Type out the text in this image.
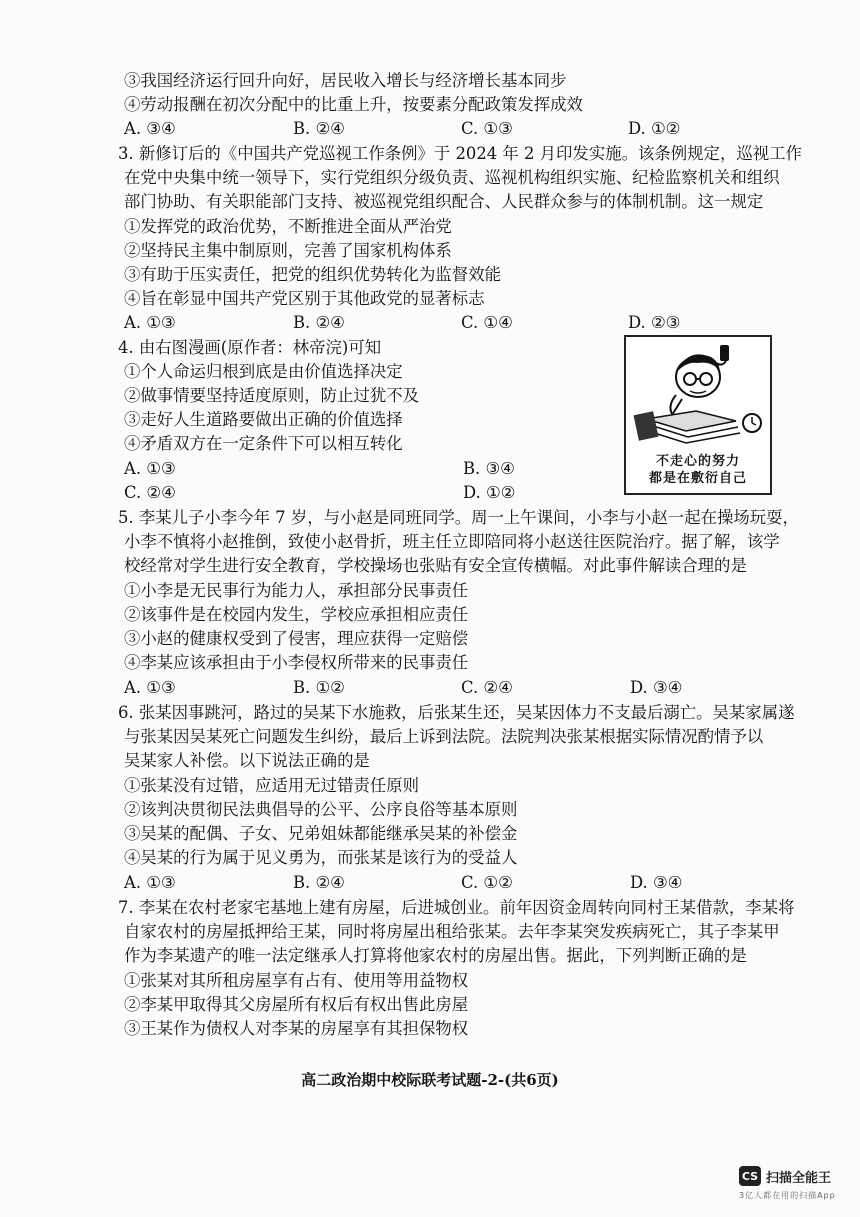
③我国经济运行回升向好，居民收入增长与经济增长基本同步
④劳动报酬在初次分配中的比重上升，按要素分配政策发挥成效
A. ③④	B. ②④	C. ①③	D. ①②
3. 新修订后的《中国共产党巡视工作条例》于 2024 年 2 月印发实施。该条例规定，巡视工作
在党中央集中统一领导下，实行党组织分级负责、巡视机构组织实施、纪检监察机关和组织
部门协助、有关职能部门支持、被巡视党组织配合、人民群众参与的体制机制。这一规定
①发挥党的政治优势，不断推进全面从严治党
②坚持民主集中制原则，完善了国家机构体系
③有助于压实责任，把党的组织优势转化为监督效能
④旨在彰显中国共产党区别于其他政党的显著标志
A. ①③	B. ②④	C. ①④	D. ②③
4. 由右图漫画(原作者：林帝浣)可知
①个人命运归根到底是由价值选择决定
②做事情要坚持适度原则，防止过犹不及
③走好人生道路要做出正确的价值选择
④矛盾双方在一定条件下可以相互转化
A. ①③	B. ③④
C. ②④	D. ①②
不走心的努力
都是在敷衍自己
5. 李某儿子小李今年 7 岁，与小赵是同班同学。周一上午课间，小李与小赵一起在操场玩耍，
小李不慎将小赵推倒，致使小赵骨折，班主任立即陪同将小赵送往医院治疗。据了解，该学
校经常对学生进行安全教育，学校操场也张贴有安全宣传横幅。对此事件解读合理的是
①小李是无民事行为能力人，承担部分民事责任
②该事件是在校园内发生，学校应承担相应责任
③小赵的健康权受到了侵害，理应获得一定赔偿
④李某应该承担由于小李侵权所带来的民事责任
A. ①③	B. ①②	C. ②④	D. ③④
6. 张某因事跳河，路过的吴某下水施救，后张某生还，吴某因体力不支最后溺亡。吴某家属遂
与张某因吴某死亡问题发生纠纷，最后上诉到法院。法院判决张某根据实际情况酌情予以
吴某家人补偿。以下说法正确的是
①张某没有过错，应适用无过错责任原则
②该判决贯彻民法典倡导的公平、公序良俗等基本原则
③吴某的配偶、子女、兄弟姐妹都能继承吴某的补偿金
④吴某的行为属于见义勇为，而张某是该行为的受益人
A. ①③	B. ②④	C. ①②	D. ③④
7. 李某在农村老家宅基地上建有房屋，后进城创业。前年因资金周转向同村王某借款，李某将
自家农村的房屋抵押给王某，同时将房屋出租给张某。去年李某突发疾病死亡，其子李某甲
作为李某遗产的唯一法定继承人打算将他家农村的房屋出售。据此，下列判断正确的是
①张某对其所租房屋享有占有、使用等用益物权
②李某甲取得其父房屋所有权后有权出售此房屋
③王某作为债权人对李某的房屋享有其担保物权
高二政治期中校际联考试题-2-(共6页)
CS 扫描全能王
3亿人都在用的扫描App
